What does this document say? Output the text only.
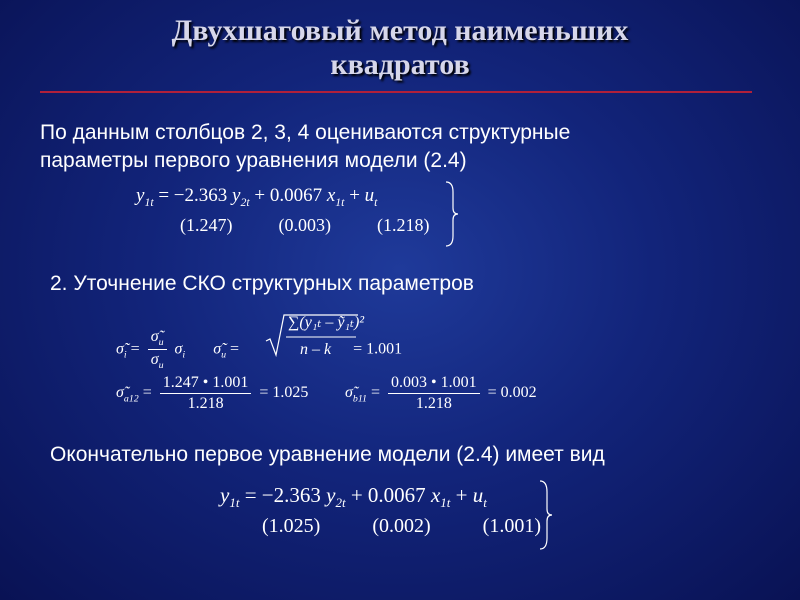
Двухшаговый метод наименьших
квадратов
По данным столбцов 2, 3, 4 оцениваются структурные
параметры первого уравнения модели (2.4)
$y_{1t} = -2.363$ $y_{2t} + 0.0067$ $x_{1t} + u_t$
(1.247)	(0.003)	(1.218)
2. Уточнение СКО структурных параметров
$\sigmã_i = \frac{\sigmã_u}{\sigma_u} \sigma_i$ $\sigmã_u$ =	= 1.001
∑(y₁ₜ – ỹ₁ₜ)²
n – k
$\sigmã_{a12} = \frac{1.247 • 1.001}{1.218} = 1.025$ $\sigmã_{b11} = \frac{0.003 • 1.001}{1.218} = 0.002$
Окончательно первое уравнение модели (2.4) имеет вид
$y_{1t} = -2.363$ $y_{2t} + 0.0067$ $x_{1t} + u_t$
(1.025)	(0.002)	(1.001)
